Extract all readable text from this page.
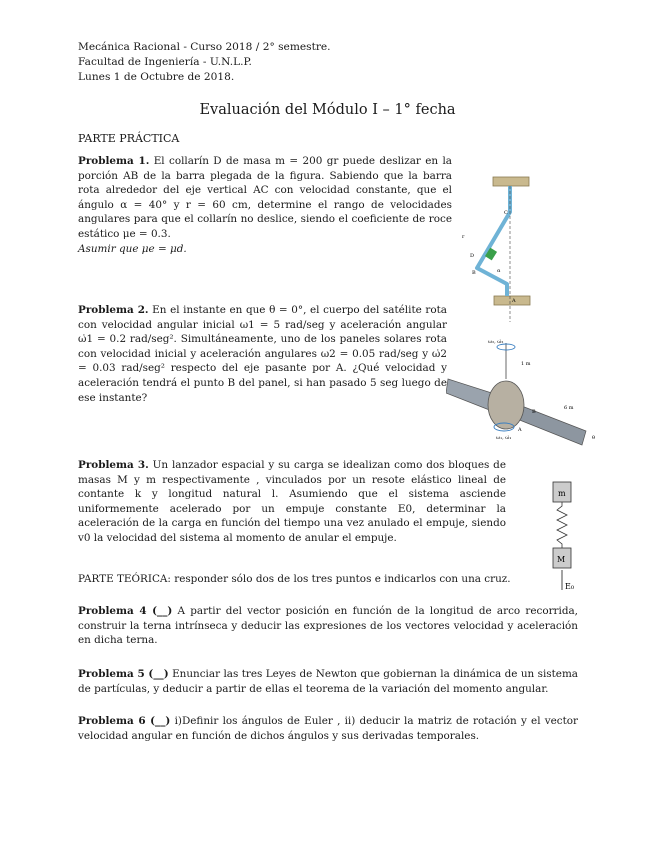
Mecánica Racional - Curso 2018 / 2° semestre.
Facultad de Ingeniería - U.N.L.P.
Lunes 1 de Octubre de 2018.
Evaluación del Módulo I – 1° fecha
PARTE PRÁCTICA
Problema 1. El collarín D de masa m = 200 gr puede deslizar en la porción AB de la barra plegada de la figura. Sabiendo que la barra rota alrededor del eje vertical AC con velocidad constante, que el ángulo α = 40° y r = 60 cm, determine el rango de velocidades angulares para que el collarín no deslice, siendo el coeficiente de roce estático μe = 0.3.
Asumir que μe = μd.
C
r
D
α
B
A
Problema 2. En el instante en que θ = 0°, el cuerpo del satélite rota con velocidad angular inicial ω1 = 5 rad/seg y aceleración angular ω̇1 = 0.2 rad/seg². Simultáneamente, uno de los paneles solares rota con velocidad inicial y aceleración angulares ω2 = 0.05 rad/seg y ω̇2 = 0.03 rad/seg² respecto del eje pasante por A. ¿Qué velocidad y aceleración tendrá el punto B del panel, si han pasado 5 seg luego de ese instante?
ω₂, ω̇₂
1 m
B
A
θ
ω₁, ω̇₁
6 m
Problema 3. Un lanzador espacial y su carga se idealizan como dos bloques de masas M y m respectivamente , vinculados por un resote elástico lineal de contante k y longitud natural l. Asumiendo que el sistema asciende uniformemente acelerado por un empuje constante E0, determinar la aceleración de la carga en función del tiempo una vez anulado el empuje, siendo v0 la velocidad del sistema al momento de anular el empuje.
m
M
E₀
PARTE TEÓRICA: responder sólo dos de los tres puntos e indicarlos con una cruz.
Problema 4 (__) A partir del vector posición en función de la longitud de arco recorrida, construir la terna intrínseca y deducir las expresiones de los vectores velocidad y aceleración en dicha terna.
Problema 5 (__) Enunciar las tres Leyes de Newton que gobiernan la dinámica de un sistema de partículas, y deducir a partir de ellas el teorema de la variación del momento angular.
Problema 6 (__) i)Definir los ángulos de Euler , ii) deducir la matriz de rotación y el vector velocidad angular en función de dichos ángulos y sus derivadas temporales.
